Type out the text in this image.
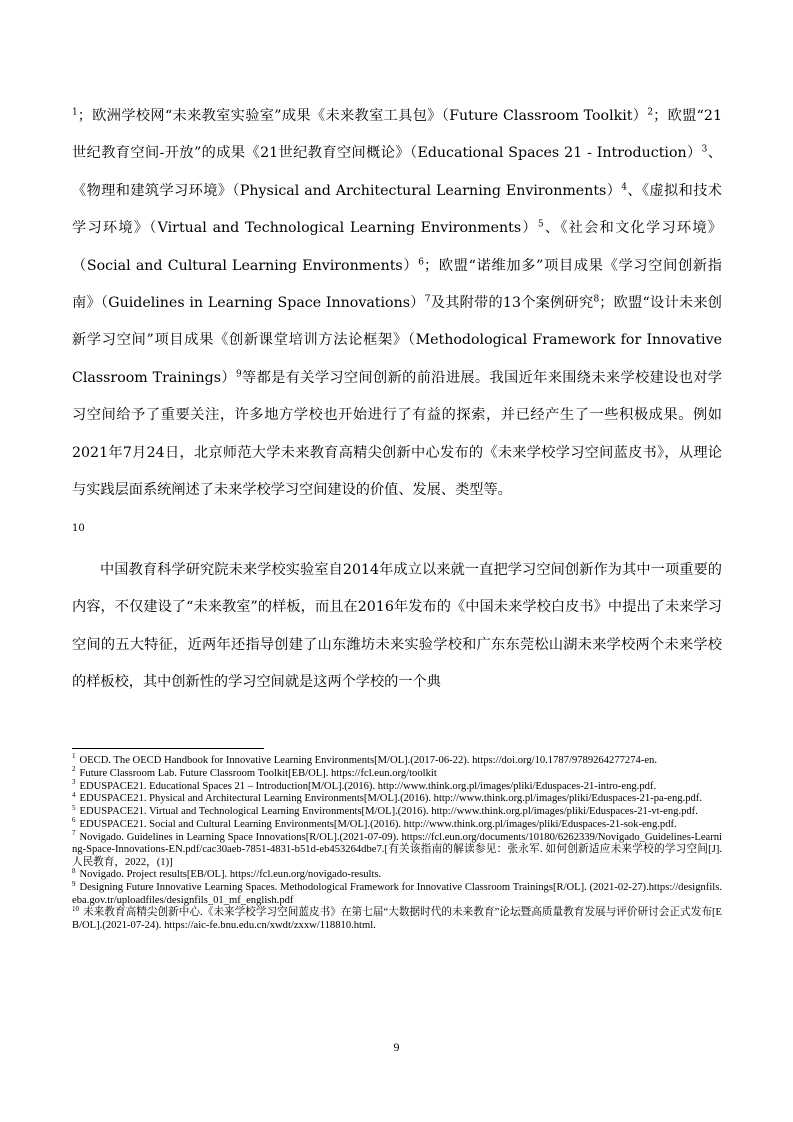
$^1$；欧洲学校网“未来教室实验室”成果《未来教室工具包》（Future Classroom Toolkit）$^2$；欧盟“21世纪教育空间-开放”的成果《21世纪教育空间概论》（Educational Spaces 21 - Introduction）$^3$、《物理和建筑学习环境》（Physical and Architectural Learning Environments）$^4$、《虚拟和技术学习环境》（Virtual and Technological Learning Environments）$^5$、《社会和文化学习环境》（Social and Cultural Learning Environments）$^6$；欧盟“诺维加多”项目成果《学习空间创新指南》（Guidelines in Learning Space Innovations）$^7$及其附带的13个案例研究$^8$；欧盟“设计未来创新学习空间”项目成果《创新课堂培训方法论框架》（Methodological Framework for Innovative Classroom Trainings）$^9$等都是有关学习空间创新的前沿进展。我国近年来围绕未来学校建设也对学习空间给予了重要关注，许多地方学校也开始进行了有益的探索，并已经产生了一些积极成果。例如2021年7月24日，北京师范大学未来教育高精尖创新中心发布的《未来学校学习空间蓝皮书》，从理论与实践层面系统阐述了未来学校学习空间建设的价值、发展、类型等。
10

中国教育科学研究院未来学校实验室自2014年成立以来就一直把学习空间创新作为其中一项重要的内容，不仅建设了“未来教室”的样板，而且在2016年发布的《中国未来学校白皮书》中提出了未来学习空间的五大特征，近两年还指导创建了山东潍坊未来实验学校和广东东莞松山湖未来学校两个未来学校的样板校，其中创新性的学习空间就是这两个学校的一个典

$^1$ OECD. The OECD Handbook for Innovative Learning Environments[M/OL].(2017-06-22). https://doi.org/10.1787/9789264277274-en.
$^2$ Future Classroom Lab. Future Classroom Toolkit[EB/OL]. https://fcl.eun.org/toolkit
$^3$ EDUSPACE21. Educational Spaces 21 – Introduction[M/OL].(2016). http://www.think.org.pl/images/pliki/Eduspaces-21-intro-eng.pdf.
$^4$ EDUSPACE21. Physical and Architectural Learning Environments[M/OL].(2016). http://www.think.org.pl/images/pliki/Eduspaces-21-pa-eng.pdf.
$^5$ EDUSPACE21. Virtual and Technological Learning Environments[M/OL].(2016). http://www.think.org.pl/images/pliki/Eduspaces-21-vt-eng.pdf.
$^6$ EDUSPACE21. Social and Cultural Learning Environments[M/OL].(2016). http://www.think.org.pl/images/pliki/Eduspaces-21-sok-eng.pdf.
$^7$ Novigado. Guidelines in Learning Space Innovations[R/OL].(2021-07-09). https://fcl.eun.org/documents/10180/6262339/Novigado_Guidelines-Learning-Space-Innovations-EN.pdf/cac30aeb-7851-4831-b51d-eb453264dbe7.[有关该指南的解读参见：张永军. 如何创新适应未来学校的学习空间[J].人民教育，2022，(1)]
$^8$ Novigado. Project results[EB/OL]. https://fcl.eun.org/novigado-results.
$^9$ Designing Future Innovative Learning Spaces. Methodological Framework for Innovative Classroom Trainings[R/OL]. (2021-02-27).https://designfils.eba.gov.tr/uploadfiles/designfils_01_mf_english.pdf
$^{10}$ 未来教育高精尖创新中心.《未来学校学习空间蓝皮书》在第七届“大数据时代的未来教育”论坛暨高质量教育发展与评价研讨会正式发布[EB/OL].(2021-07-24). https://aic-fe.bnu.edu.cn/xwdt/zxxw/118810.html.
9
